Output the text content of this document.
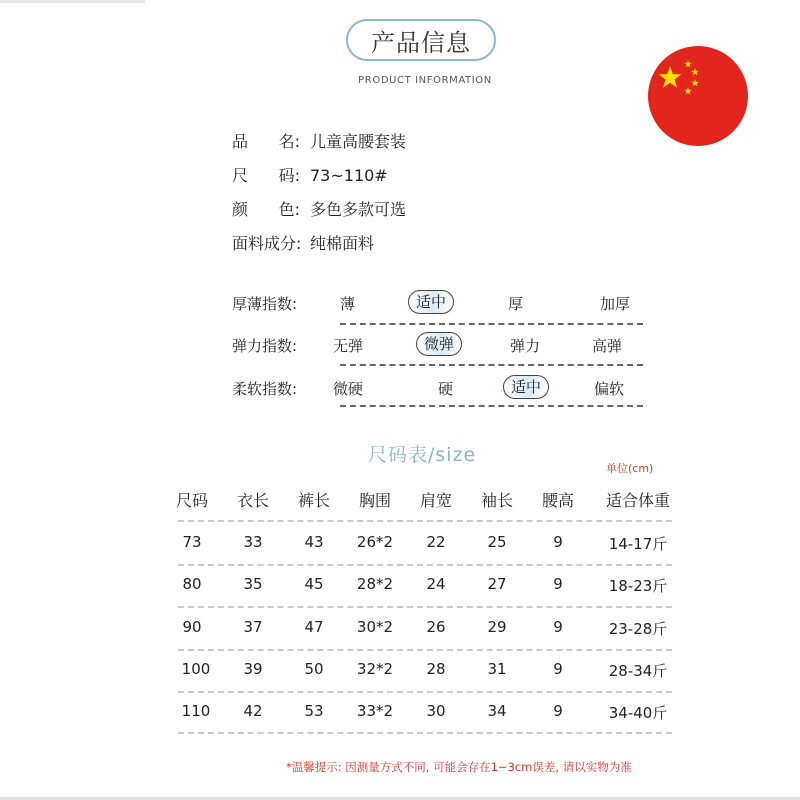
产品信息
PRODUCT INFORMATION
品 名: 儿童高腰套装
尺 码: 73~110#
颜 色: 多色多款可选
面料成分: 纯棉面料
厚薄指数:	薄	适中	厚	加厚
弹力指数: 无弹	微弹	弹力	高弹
柔软指数: 微硬	硬	适中	偏软
尺码表/size
单位(cm)
尺码 衣长 裤长 胸围 肩宽 袖长 腰高 适合体重
73	33	43 26*2 22	25	9	14-17斤
80	35	45 28*2 24	27	9	18-23斤
90	37	47 30*2 26	29	9	23-28斤
100 39	50 32*2 28	31	9	28-34斤
110 42	53 33*2 30	34	9	34-40斤
*温馨提示: 因测量方式不同, 可能会存在1~3cm误差, 请以实物为准
